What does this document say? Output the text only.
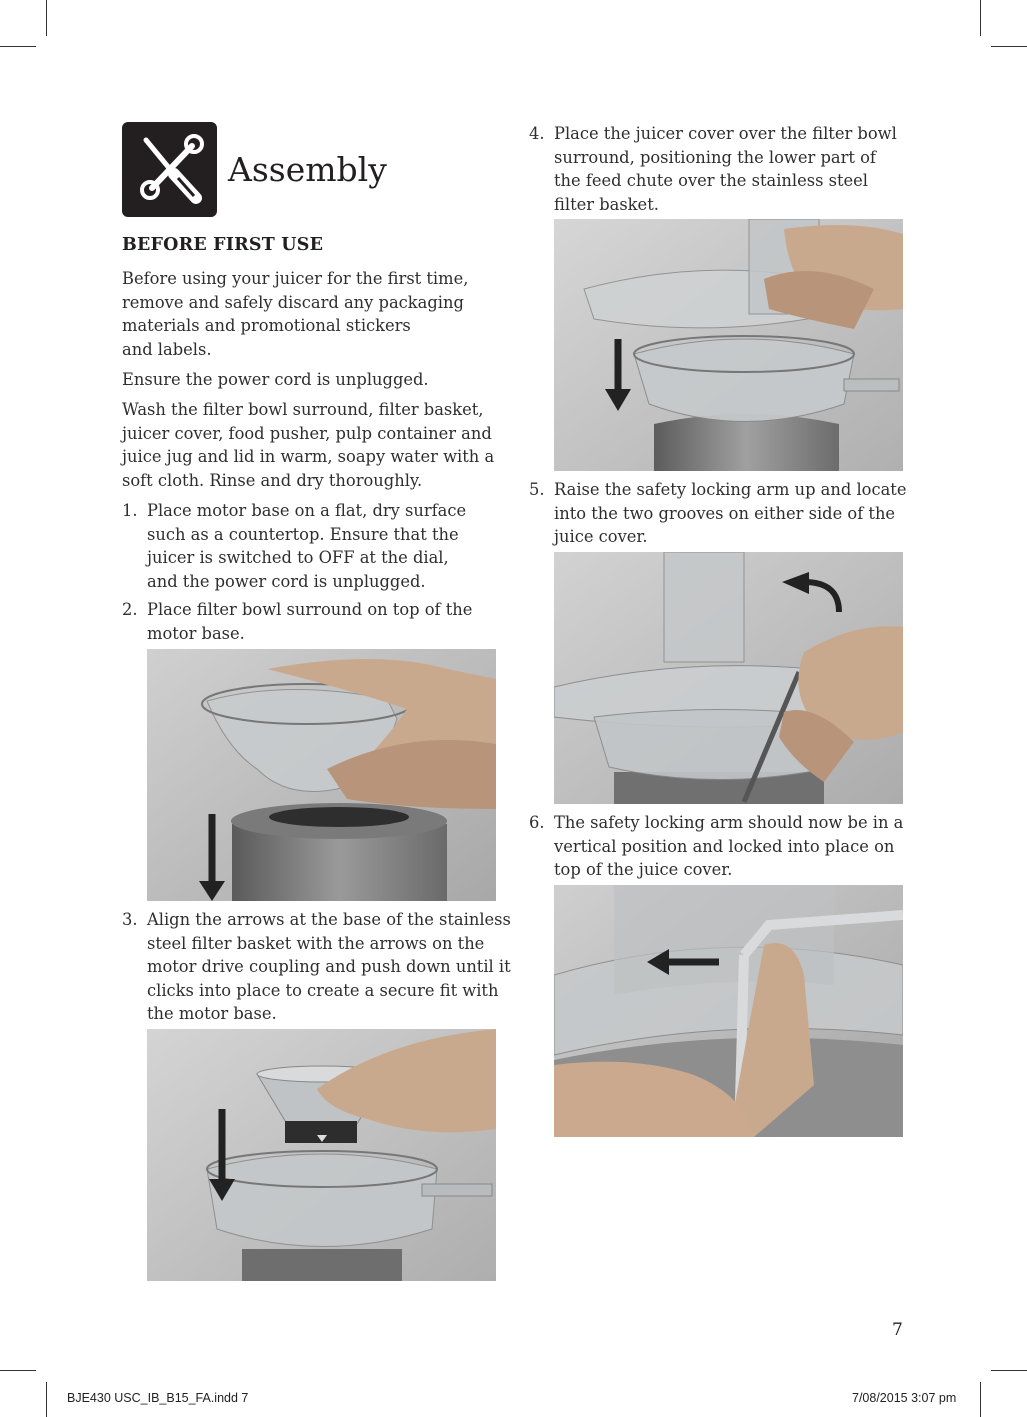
Assembly
BEFORE FIRST USE
Before using your juicer for the first time,
remove and safely discard any packaging
materials and promotional stickers
and labels.
Ensure the power cord is unplugged.
Wash the filter bowl surround, filter basket,
juicer cover, food pusher, pulp container and
juice jug and lid in warm, soapy water with a
soft cloth. Rinse and dry thoroughly.
1. Place motor base on a flat, dry surface
such as a countertop. Ensure that the
juicer is switched to OFF at the dial,
and the power cord is unplugged.
2. Place filter bowl surround on top of the
motor base.
3. Align the arrows at the base of the stainless
steel filter basket with the arrows on the
motor drive coupling and push down until it
clicks into place to create a secure fit with
the motor base.
4. Place the juicer cover over the filter bowl
surround, positioning the lower part of
the feed chute over the stainless steel
filter basket.
5. Raise the safety locking arm up and locate
into the two grooves on either side of the
juice cover.
6. The safety locking arm should now be in a
vertical position and locked into place on
top of the juice cover.
7
BJE430 USC_IB_B15_FA.indd 7	7/08/2015 3:07 pm
